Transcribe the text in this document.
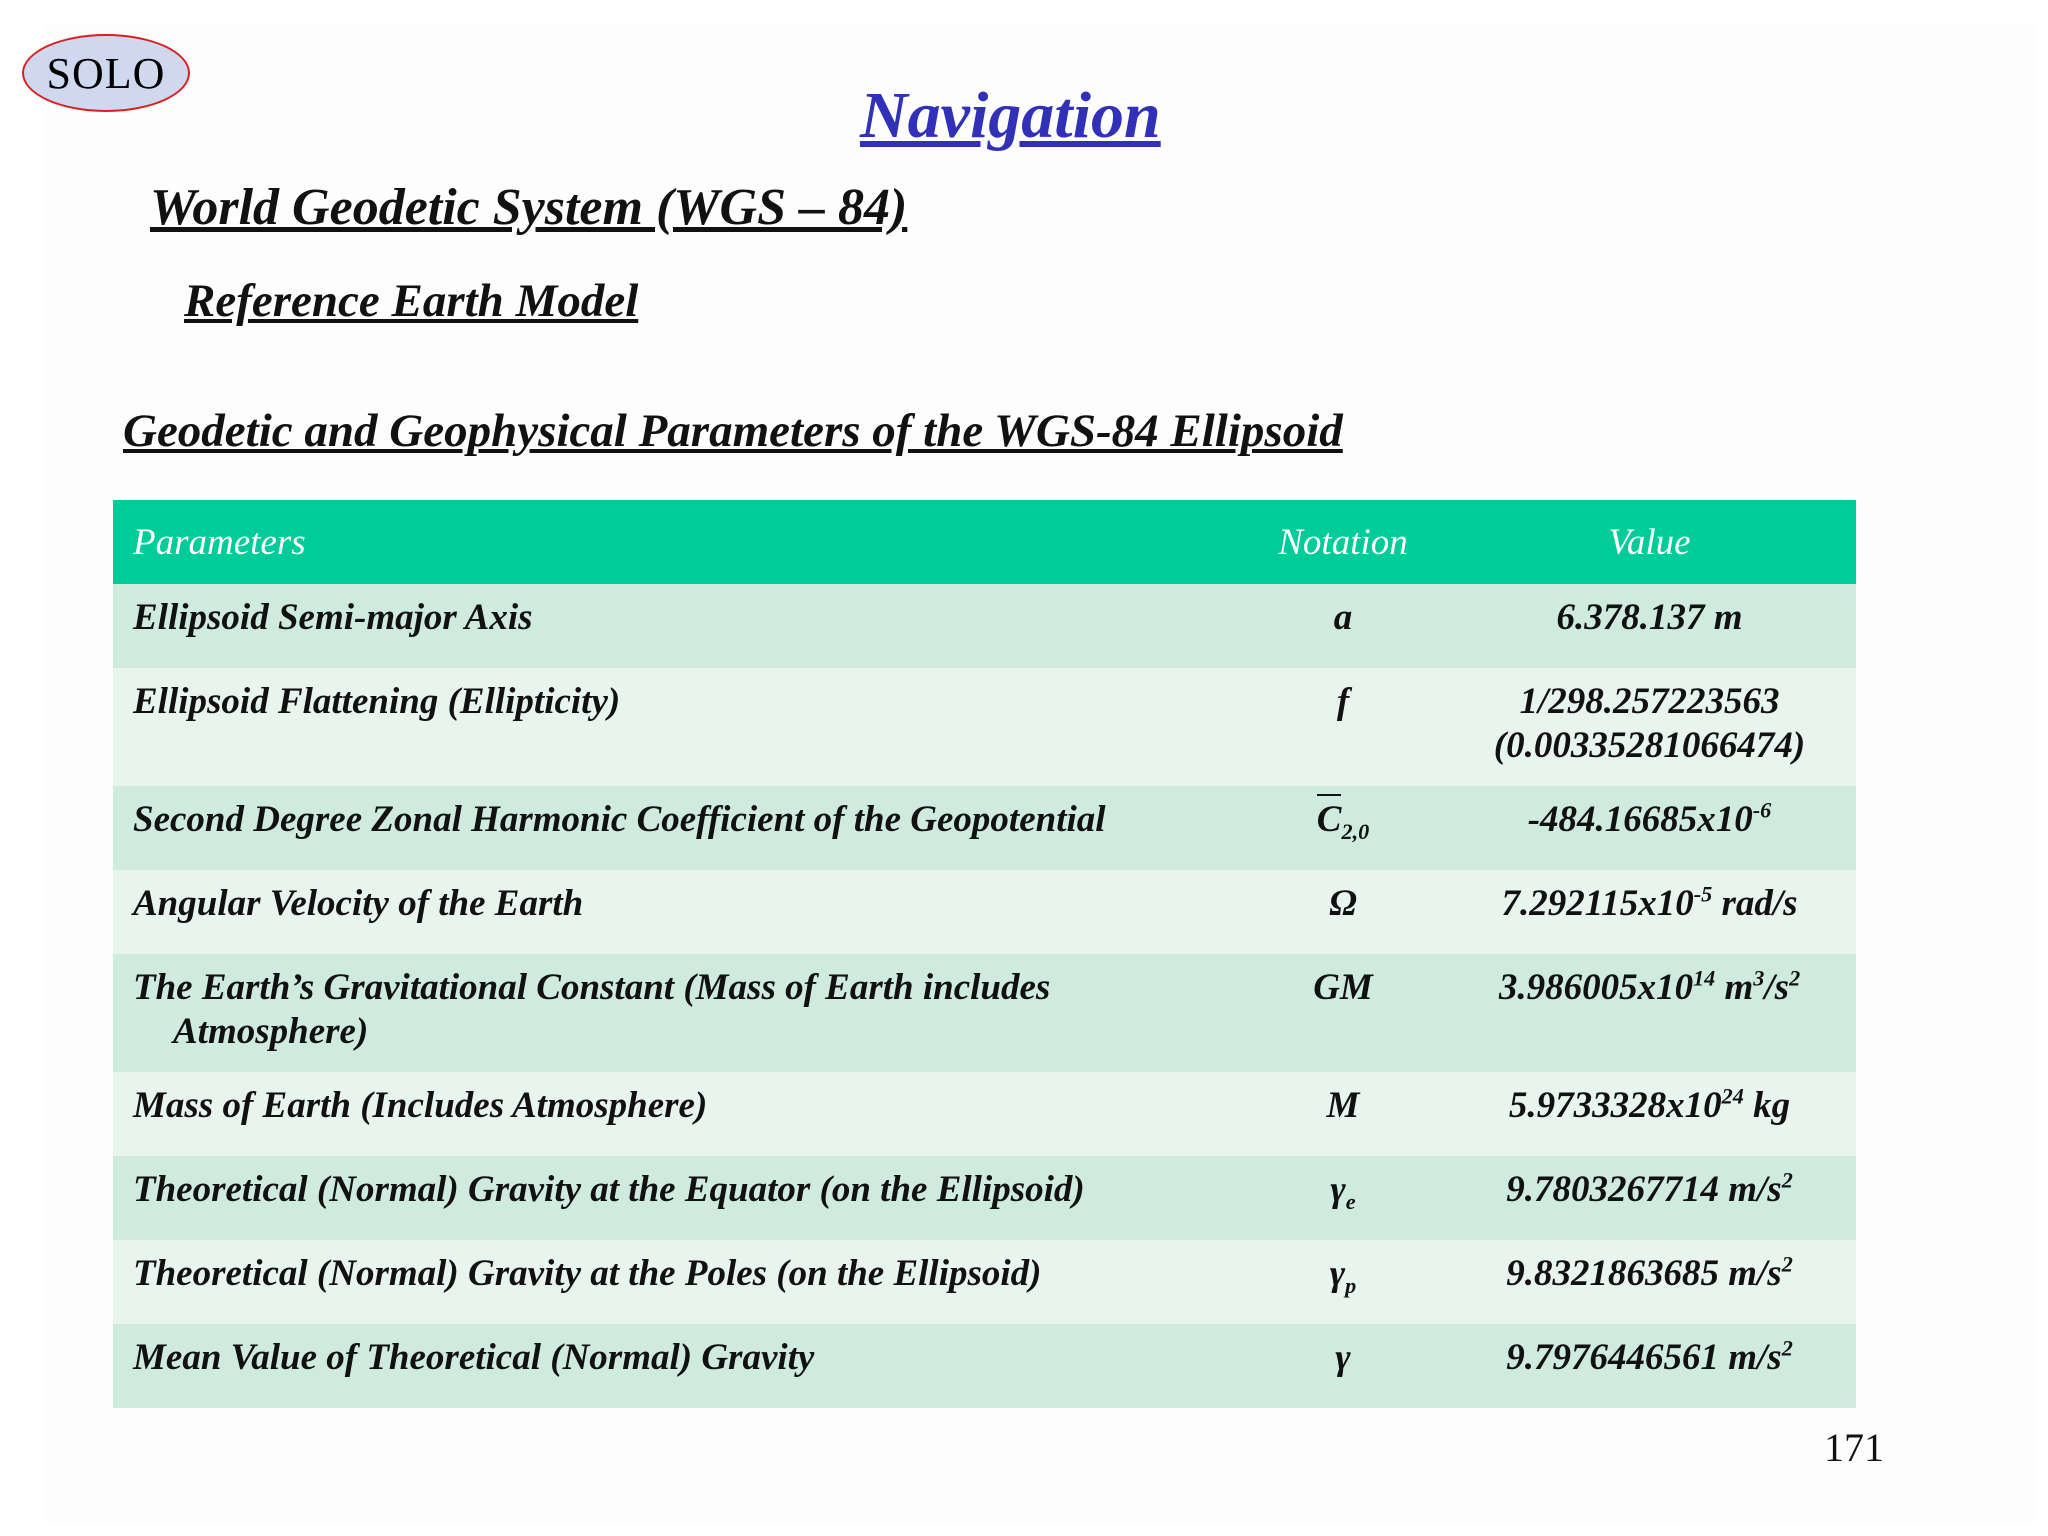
SOLO
Navigation
World Geodetic System (WGS – 84)
Reference Earth Model
Geodetic and Geophysical Parameters of the WGS-84 Ellipsoid
Parameters	Notation	Value
Ellipsoid Semi-major Axis	a	6.378.137 m
Ellipsoid Flattening (Ellipticity)	f	1/298.257223563
(0.00335281066474)
Second Degree Zonal Harmonic Coefficient of the Geopotential	$C_{2,0}$	$-484.16685x10^{-6}$
Angular Velocity of the Earth	Ω	$7.292115x10^{-5}$ rad/s
The Earth’s Gravitational Constant (Mass of Earth includes
Atmosphere)	GM	$3.986005x10^{14}$ $m^3/s^2$
Mass of Earth (Includes Atmosphere)	M	$5.9733328x10^{24}$ kg
Theoretical (Normal) Gravity at the Equator (on the Ellipsoid)	$\gamma_e$	9.7803267714 $m/s^2$
Theoretical (Normal) Gravity at the Poles (on the Ellipsoid)	$\gamma_p$	9.8321863685 $m/s^2$
Mean Value of Theoretical (Normal) Gravity	γ	9.7976446561 $m/s^2$
171
